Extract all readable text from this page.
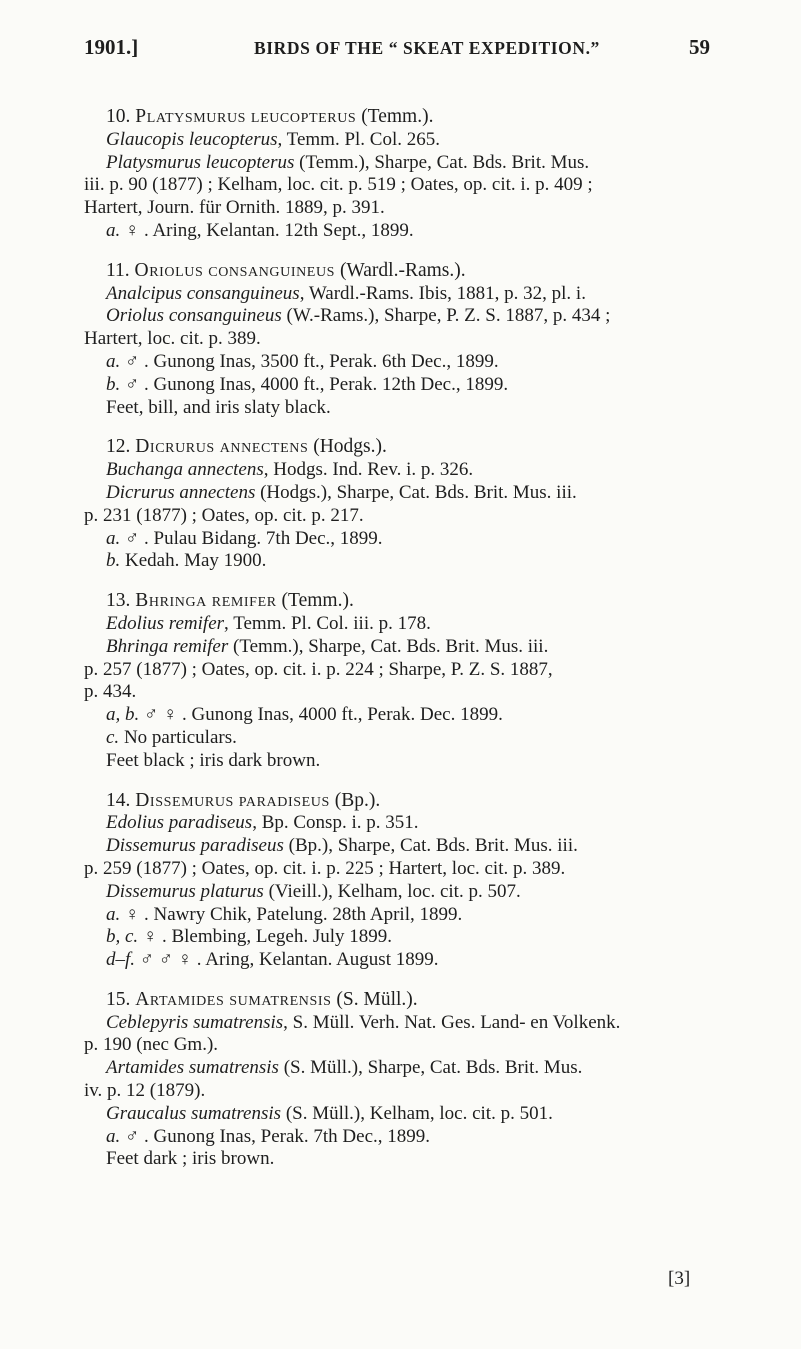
1901.]	BIRDS OF THE “ SKEAT EXPEDITION.”	59
10. Platysmurus leucopterus (Temm.).
Glaucopis leucopterus, Temm. Pl. Col. 265.
Platysmurus leucopterus (Temm.), Sharpe, Cat. Bds. Brit. Mus.
iii. p. 90 (1877) ; Kelham, loc. cit. p. 519 ; Oates, op. cit. i. p. 409 ;
Hartert, Journ. für Ornith. 1889, p. 391.
a. ♀ . Aring, Kelantan. 12th Sept., 1899.
11. Oriolus consanguineus (Wardl.-Rams.).
Analcipus consanguineus, Wardl.-Rams. Ibis, 1881, p. 32, pl. i.
Oriolus consanguineus (W.-Rams.), Sharpe, P. Z. S. 1887, p. 434 ;
Hartert, loc. cit. p. 389.
a. ♂ . Gunong Inas, 3500 ft., Perak. 6th Dec., 1899.
b. ♂ . Gunong Inas, 4000 ft., Perak. 12th Dec., 1899.
Feet, bill, and iris slaty black.
12. Dicrurus annectens (Hodgs.).
Buchanga annectens, Hodgs. Ind. Rev. i. p. 326.
Dicrurus annectens (Hodgs.), Sharpe, Cat. Bds. Brit. Mus. iii.
p. 231 (1877) ; Oates, op. cit. p. 217.
a. ♂ . Pulau Bidang. 7th Dec., 1899.
b. Kedah. May 1900.
13. Bhringa remifer (Temm.).
Edolius remifer, Temm. Pl. Col. iii. p. 178.
Bhringa remifer (Temm.), Sharpe, Cat. Bds. Brit. Mus. iii.
p. 257 (1877) ; Oates, op. cit. i. p. 224 ; Sharpe, P. Z. S. 1887,
p. 434.
a, b. ♂ ♀ . Gunong Inas, 4000 ft., Perak. Dec. 1899.
c. No particulars.
Feet black ; iris dark brown.
14. Dissemurus paradiseus (Bp.).
Edolius paradiseus, Bp. Consp. i. p. 351.
Dissemurus paradiseus (Bp.), Sharpe, Cat. Bds. Brit. Mus. iii.
p. 259 (1877) ; Oates, op. cit. i. p. 225 ; Hartert, loc. cit. p. 389.
Dissemurus platurus (Vieill.), Kelham, loc. cit. p. 507.
a. ♀ . Nawry Chik, Patelung. 28th April, 1899.
b, c. ♀ . Blembing, Legeh. July 1899.
d–f. ♂ ♂ ♀ . Aring, Kelantan. August 1899.
15. Artamides sumatrensis (S. Müll.).
Ceblepyris sumatrensis, S. Müll. Verh. Nat. Ges. Land- en Volkenk.
p. 190 (nec Gm.).
Artamides sumatrensis (S. Müll.), Sharpe, Cat. Bds. Brit. Mus.
iv. p. 12 (1879).
Graucalus sumatrensis (S. Müll.), Kelham, loc. cit. p. 501.
a. ♂ . Gunong Inas, Perak. 7th Dec., 1899.
Feet dark ; iris brown.
[3]
